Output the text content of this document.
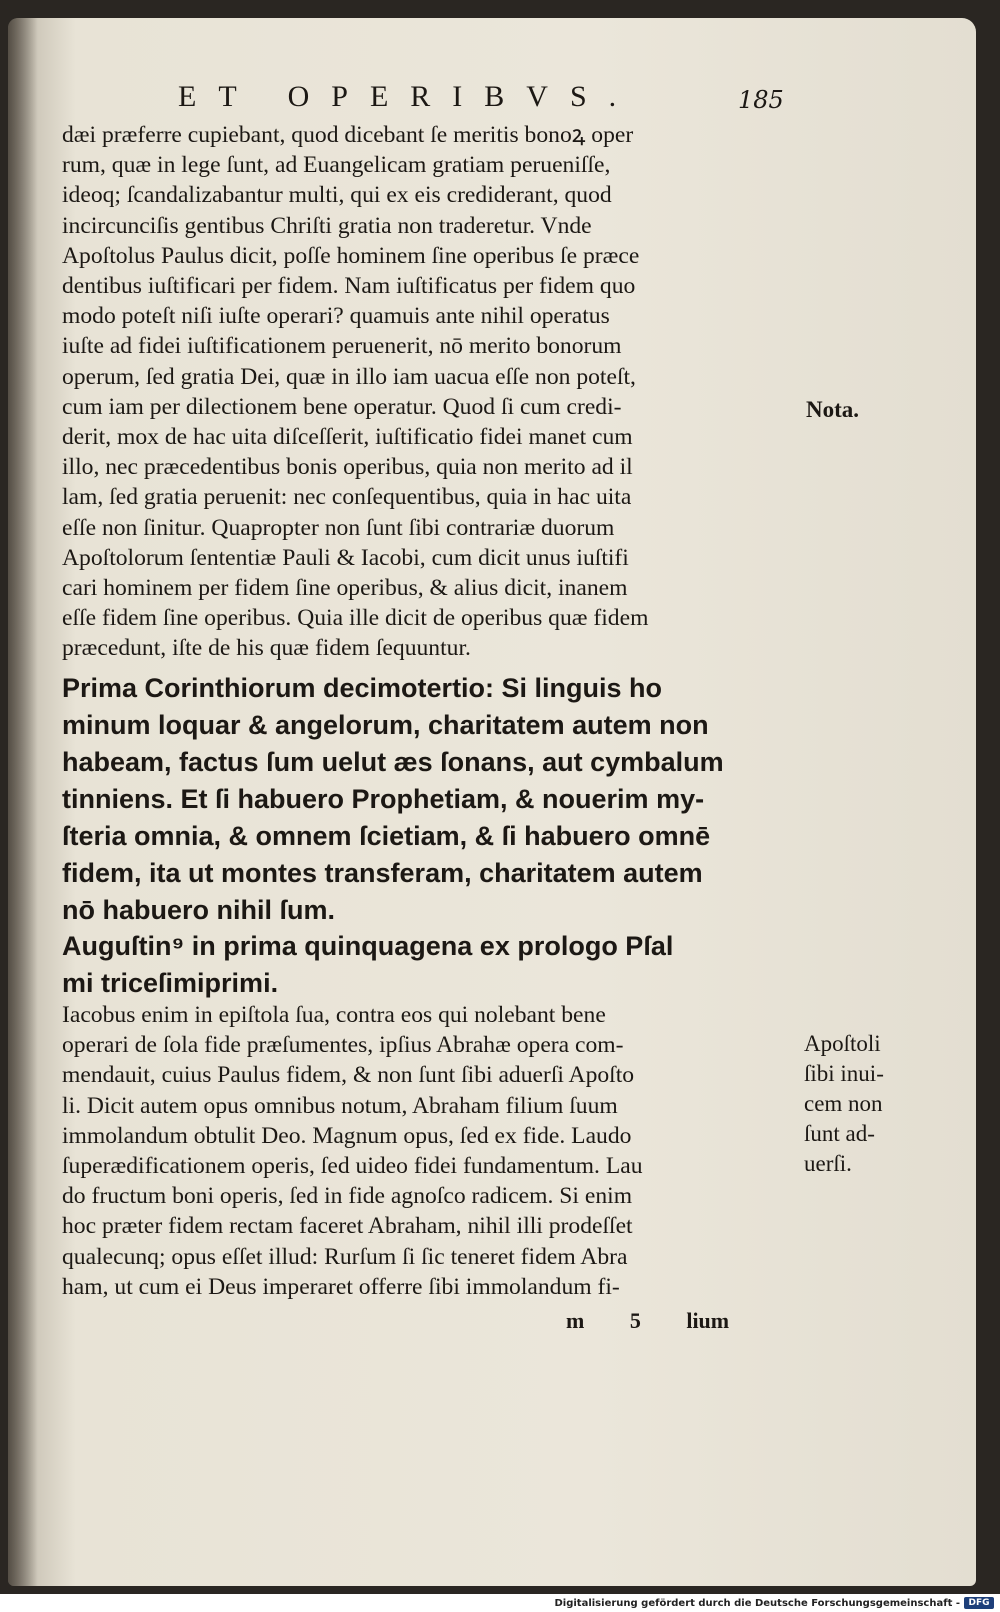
ET OPERIBVS.	185
dæi præferre cupiebant, quod dicebant ſe meritis bonoꝝ oper
rum, quæ in lege ſunt, ad Euangelicam gratiam perueniſſe,
ideoq; ſcandalizabantur multi, qui ex eis crediderant, quod
incircunciſis gentibus Chriſti gratia non traderetur. Vnde
Apoſtolus Paulus dicit, poſſe hominem ſine operibus ſe præce
dentibus iuſtificari per fidem. Nam iuſtificatus per fidem quo
modo poteſt niſi iuſte operari? quamuis ante nihil operatus
iuſte ad fidei iuſtificationem peruenerit, nō merito bonorum
operum, ſed gratia Dei, quæ in illo iam uacua eſſe non poteſt,
cum iam per dilectionem bene operatur. Quod ſi cum credi-
derit, mox de hac uita diſceſſerit, iuſtificatio fidei manet cum
illo, nec præcedentibus bonis operibus, quia non merito ad il
lam, ſed gratia peruenit: nec conſequentibus, quia in hac uita
eſſe non ſinitur. Quapropter non ſunt ſibi contrariæ duorum
Apoſtolorum ſententiæ Pauli & Iacobi, cum dicit unus iuſtifi
cari hominem per fidem ſine operibus, & alius dicit, inanem
eſſe fidem ſine operibus. Quia ille dicit de operibus quæ fidem
præcedunt, iſte de his quæ fidem ſequuntur.
Nota.
Prima Corinthiorum decimotertio: Si linguis ho
minum loquar & angelorum, charitatem autem non
habeam, factus ſum uelut æs ſonans, aut cymbalum
tinniens. Et ſi habuero Prophetiam, & nouerim my-
ſteria omnia, & omnem ſcietiam, & ſi habuero omnē
fidem, ita ut montes transferam, charitatem autem
nō habuero nihil ſum.
Auguſtin⁹ in prima quinquagena ex prologo Pſal
mi triceſimiprimi.
Iacobus enim in epiſtola ſua, contra eos qui nolebant bene
operari de ſola fide præſumentes, ipſius Abrahæ opera com-
mendauit, cuius Paulus fidem, & non ſunt ſibi aduerſi Apoſto
li. Dicit autem opus omnibus notum, Abraham filium ſuum
immolandum obtulit Deo. Magnum opus, ſed ex fide. Laudo
ſuperædificationem operis, ſed uideo fidei fundamentum. Lau
do fructum boni operis, ſed in fide agnoſco radicem. Si enim
hoc præter fidem rectam faceret Abraham, nihil illi prodeſſet
qualecunq; opus eſſet illud: Rurſum ſi ſic teneret fidem Abra
ham, ut cum ei Deus imperaret offerre ſibi immolandum fi-
Apoſtoli
ſibi inui-
cem non
ſunt ad-
uerſi.
m 5 lium
Digitalisierung gefördert durch die Deutsche Forschungsgemeinschaft - DFG
